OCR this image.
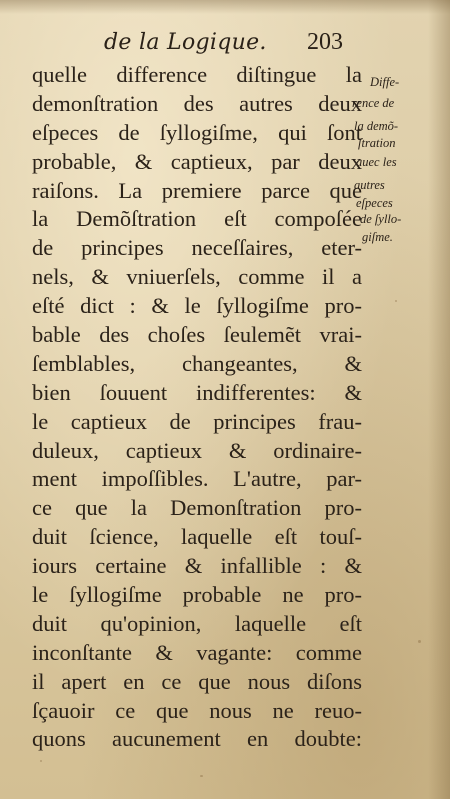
de la Logique. 203
quelle difference diſtingue la
demonſtration des autres deux
eſpeces de ſyllogiſme, qui ſont
probable, & captieux, par deux
raiſons. La premiere parce que
la Demõſtration eſt compoſée
de principes neceſſaires, eter-
nels, & vniuerſels, comme il a
eſté dict : & le ſyllogiſme pro-
bable des choſes ſeulemẽt vrai-
ſemblables, changeantes, &
bien ſouuent indifferentes: &
le captieux de principes frau-
duleux, captieux & ordinaire-
ment impoſſibles. L'autre, par-
ce que la Demonſtration pro-
duit ſcience, laquelle eſt touſ-
iours certaine & infallible : &
le ſyllogiſme probable ne pro-
duit qu'opinion, laquelle eſt
inconſtante & vagante: comme
il apert en ce que nous diſons
ſçauoir ce que nous ne reuo-
quons aucunement en doubte:
Diffe-
rence de
la demõ-
ſtration
auec les
autres
eſpeces
de ſyllo-
giſme.
